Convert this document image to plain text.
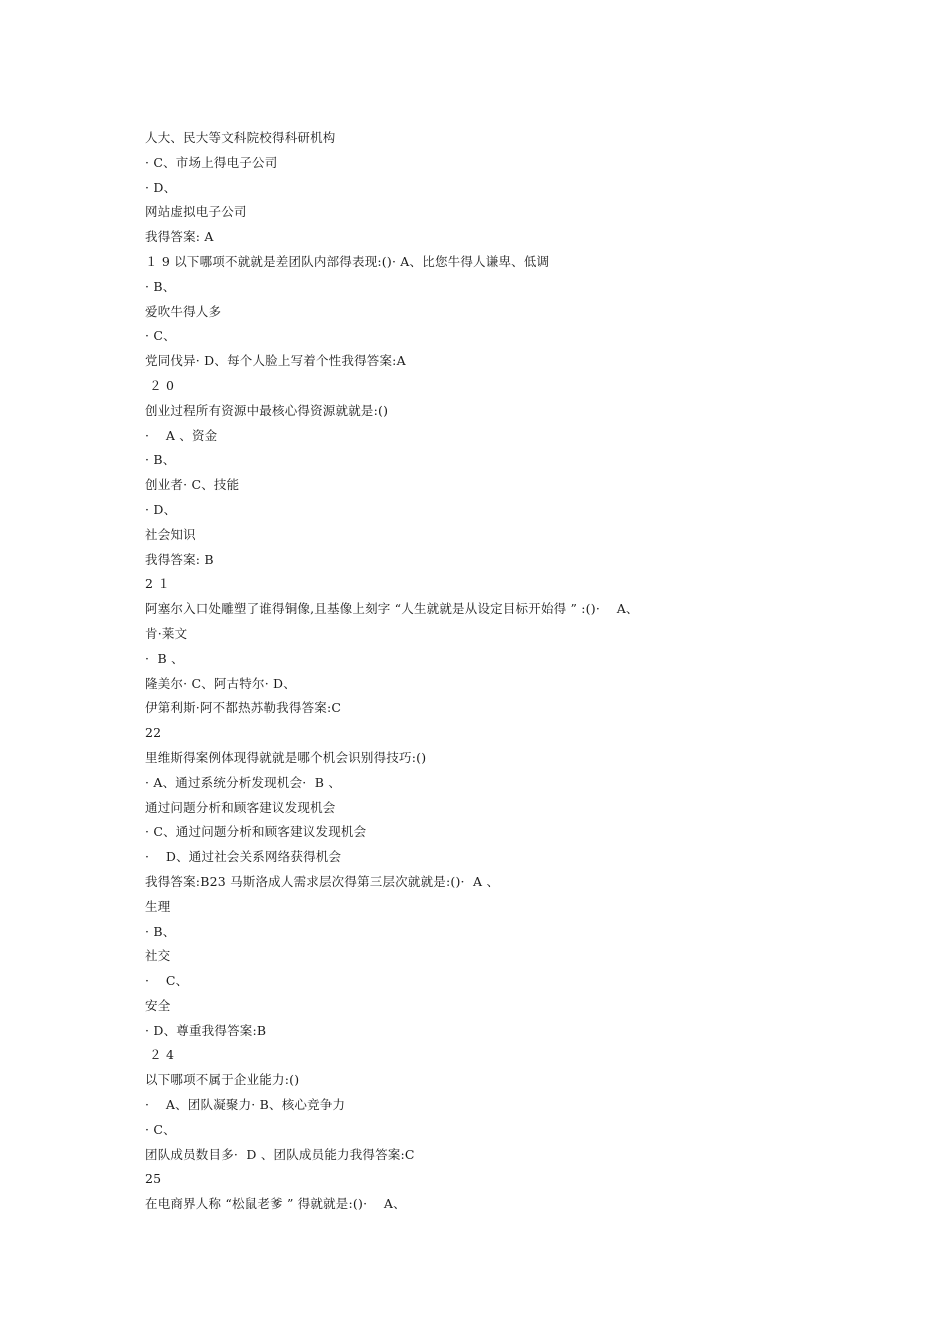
人大、民大等文科院校得科研机构
· C、市场上得电子公司
· D、
网站虚拟电子公司
我得答案: A
１ 9 以下哪项不就就是差团队内部得表现:()· A、比您牛得人谦卑、低调
· B、
爱吹牛得人多
· C、
党同伐异· D、每个人脸上写着个性我得答案:A
２ 0
创业过程所有资源中最核心得资源就就是:()
·    A 、资金
· B、
创业者· C、技能
· D、
社会知识
我得答案: B
2 １
阿塞尔入口处雕塑了谁得铜像,且基像上刻字 “人生就就是从设定目标开始得 ” :()·    A、
肯·莱文
·  B 、
隆美尔· C、阿古特尔· D、
伊第利斯·阿不都热苏勒我得答案:C
22
里维斯得案例体现得就就是哪个机会识别得技巧:()
· A、通过系统分析发现机会·  B 、
通过问题分析和顾客建议发现机会
· C、通过问题分析和顾客建议发现机会
·    D、通过社会关系网络获得机会
我得答案:B23 马斯洛成人需求层次得第三层次就就是:()·  A 、
生理
· B、
社交
·    C、
安全
· D、尊重我得答案:B
２ 4
以下哪项不属于企业能力:()
·    A、团队凝聚力· B、核心竞争力
· C、
团队成员数目多·  D 、团队成员能力我得答案:C
25
在电商界人称 “松鼠老爹 ” 得就就是:()·    A、
